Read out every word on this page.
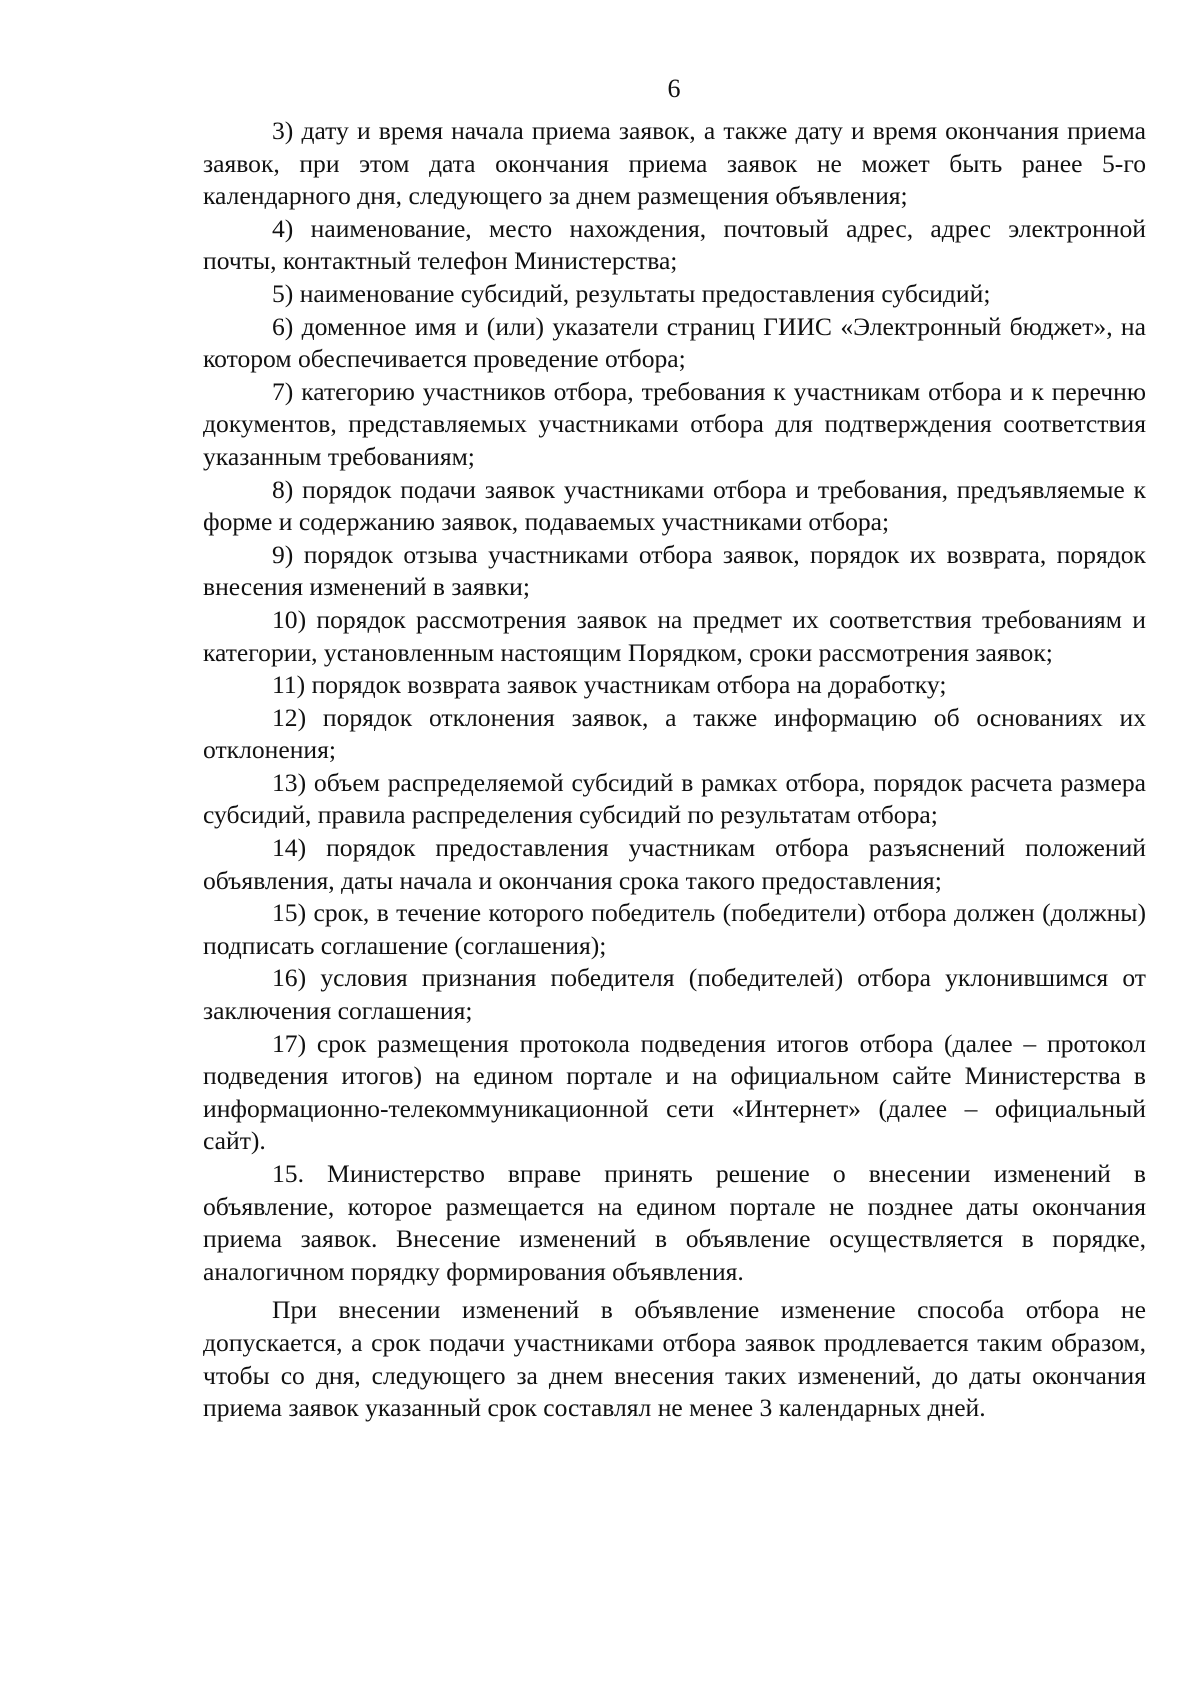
6

3) дату и время начала приема заявок, а также дату и время окончания приема заявок, при этом дата окончания приема заявок не может быть ранее 5-го календарного дня, следующего за днем размещения объявления;

4) наименование, место нахождения, почтовый адрес, адрес электронной почты, контактный телефон Министерства;

5) наименование субсидий, результаты предоставления субсидий;

6) доменное имя и (или) указатели страниц ГИИС «Электронный бюджет», на котором обеспечивается проведение отбора;

7) категорию участников отбора, требования к участникам отбора и к перечню документов, представляемых участниками отбора для подтверждения соответствия указанным требованиям;

8) порядок подачи заявок участниками отбора и требования, предъявляемые к форме и содержанию заявок, подаваемых участниками отбора;

9) порядок отзыва участниками отбора заявок, порядок их возврата, порядок внесения изменений в заявки;

10) порядок рассмотрения заявок на предмет их соответствия требованиям и категории, установленным настоящим Порядком, сроки рассмотрения заявок;

11) порядок возврата заявок участникам отбора на доработку;

12) порядок отклонения заявок, а также информацию об основаниях их отклонения;

13) объем распределяемой субсидий в рамках отбора, порядок расчета размера субсидий, правила распределения субсидий по результатам отбора;

14) порядок предоставления участникам отбора разъяснений положений объявления, даты начала и окончания срока такого предоставления;

15) срок, в течение которого победитель (победители) отбора должен (должны) подписать соглашение (соглашения);

16) условия признания победителя (победителей) отбора уклонившимся от заключения соглашения;

17) срок размещения протокола подведения итогов отбора (далее – протокол подведения итогов) на едином портале и на официальном сайте Министерства в информационно-телекоммуникационной сети «Интернет» (далее – официальный сайт).

15. Министерство вправе принять решение о внесении изменений в объявление, которое размещается на едином портале не позднее даты окончания приема заявок. Внесение изменений в объявление осуществляется в порядке, аналогичном порядку формирования объявления.

При внесении изменений в объявление изменение способа отбора не допускается, а срок подачи участниками отбора заявок продлевается таким образом, чтобы со дня, следующего за днем внесения таких изменений, до даты окончания приема заявок указанный срок составлял не менее 3 календарных дней.
